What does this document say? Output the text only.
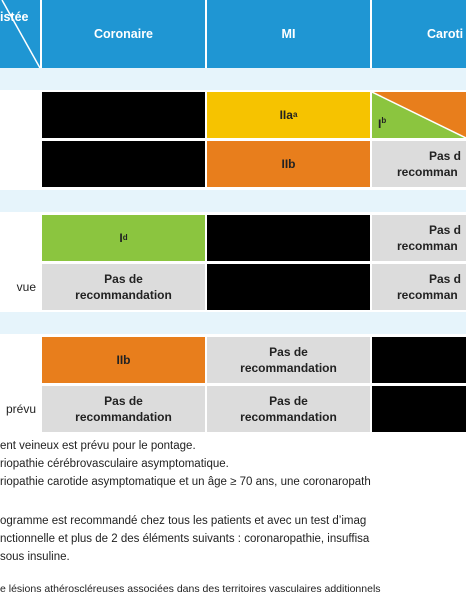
istée
Coronaire	MI	Caroti
IIa a
$I^b$
IIb
Pas d
recomman
I d
Pas d
recomman
vue
Pas de
recommandation
Pas d
recomman
IIb
Pas de
recommandation
prévu
Pas de
recommandation
Pas de
recommandation
ent veineux est prévu pour le pontage.
riopathie cérébrovasculaire asymptomatique.
riopathie carotide asymptomatique et un âge ≥ 70 ans, une coronaropath
ogramme est recommandé chez tous les patients et avec un test d’imag
nctionnelle et plus de 2 des éléments suivants : coronaropathie, insuffisa
sous insuline.
e lésions athéroscléreuses associées dans des territoires vasculaires additionnels
